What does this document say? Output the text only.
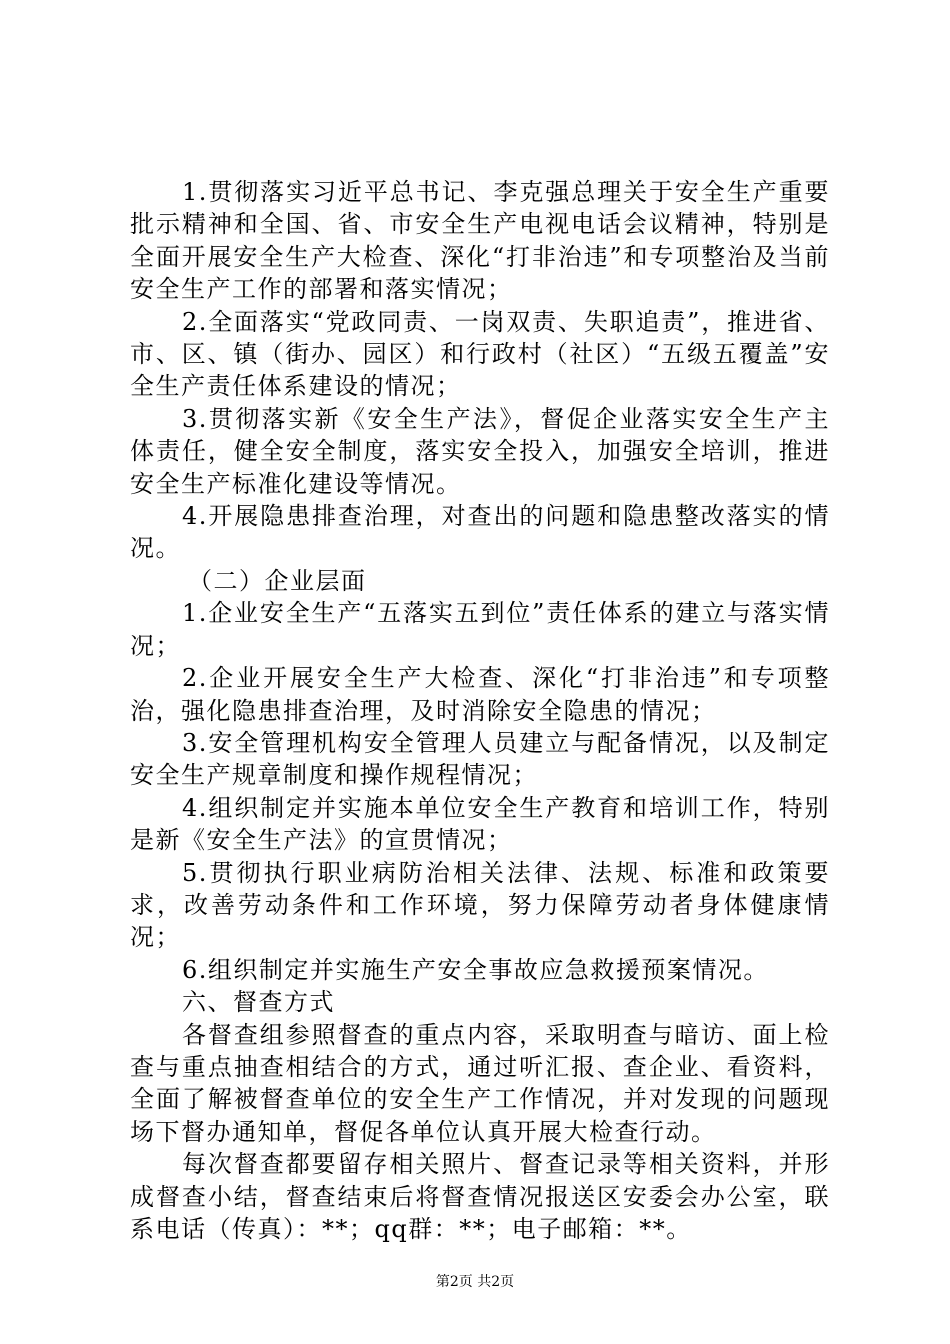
1.贯彻落实习近平总书记、李克强总理关于安全生产重要批示精神和全国、省、市安全生产电视电话会议精神，特别是全面开展安全生产大检查、深化“打非治违”和专项整治及当前安全生产工作的部署和落实情况；

2.全面落实“党政同责、一岗双责、失职追责”，推进省、市、区、镇（街办、园区）和行政村（社区）“五级五覆盖”安全生产责任体系建设的情况；

3.贯彻落实新《安全生产法》，督促企业落实安全生产主体责任，健全安全制度，落实安全投入，加强安全培训，推进安全生产标准化建设等情况。

4.开展隐患排查治理，对查出的问题和隐患整改落实的情况。

（二）企业层面

1.企业安全生产“五落实五到位”责任体系的建立与落实情况；

2.企业开展安全生产大检查、深化“打非治违”和专项整治，强化隐患排查治理，及时消除安全隐患的情况；

3.安全管理机构安全管理人员建立与配备情况，以及制定安全生产规章制度和操作规程情况；

4.组织制定并实施本单位安全生产教育和培训工作，特别是新《安全生产法》的宣贯情况；

5.贯彻执行职业病防治相关法律、法规、标准和政策要求，改善劳动条件和工作环境，努力保障劳动者身体健康情况；

6.组织制定并实施生产安全事故应急救援预案情况。

六、督查方式

各督查组参照督查的重点内容，采取明查与暗访、面上检查与重点抽查相结合的方式，通过听汇报、查企业、看资料，全面了解被督查单位的安全生产工作情况，并对发现的问题现场下督办通知单，督促各单位认真开展大检查行动。

每次督查都要留存相关照片、督查记录等相关资料，并形成督查小结，督查结束后将督查情况报送区安委会办公室，联系电话（传真）：**；qq群：**；电子邮箱：**。

第2页 共2页
